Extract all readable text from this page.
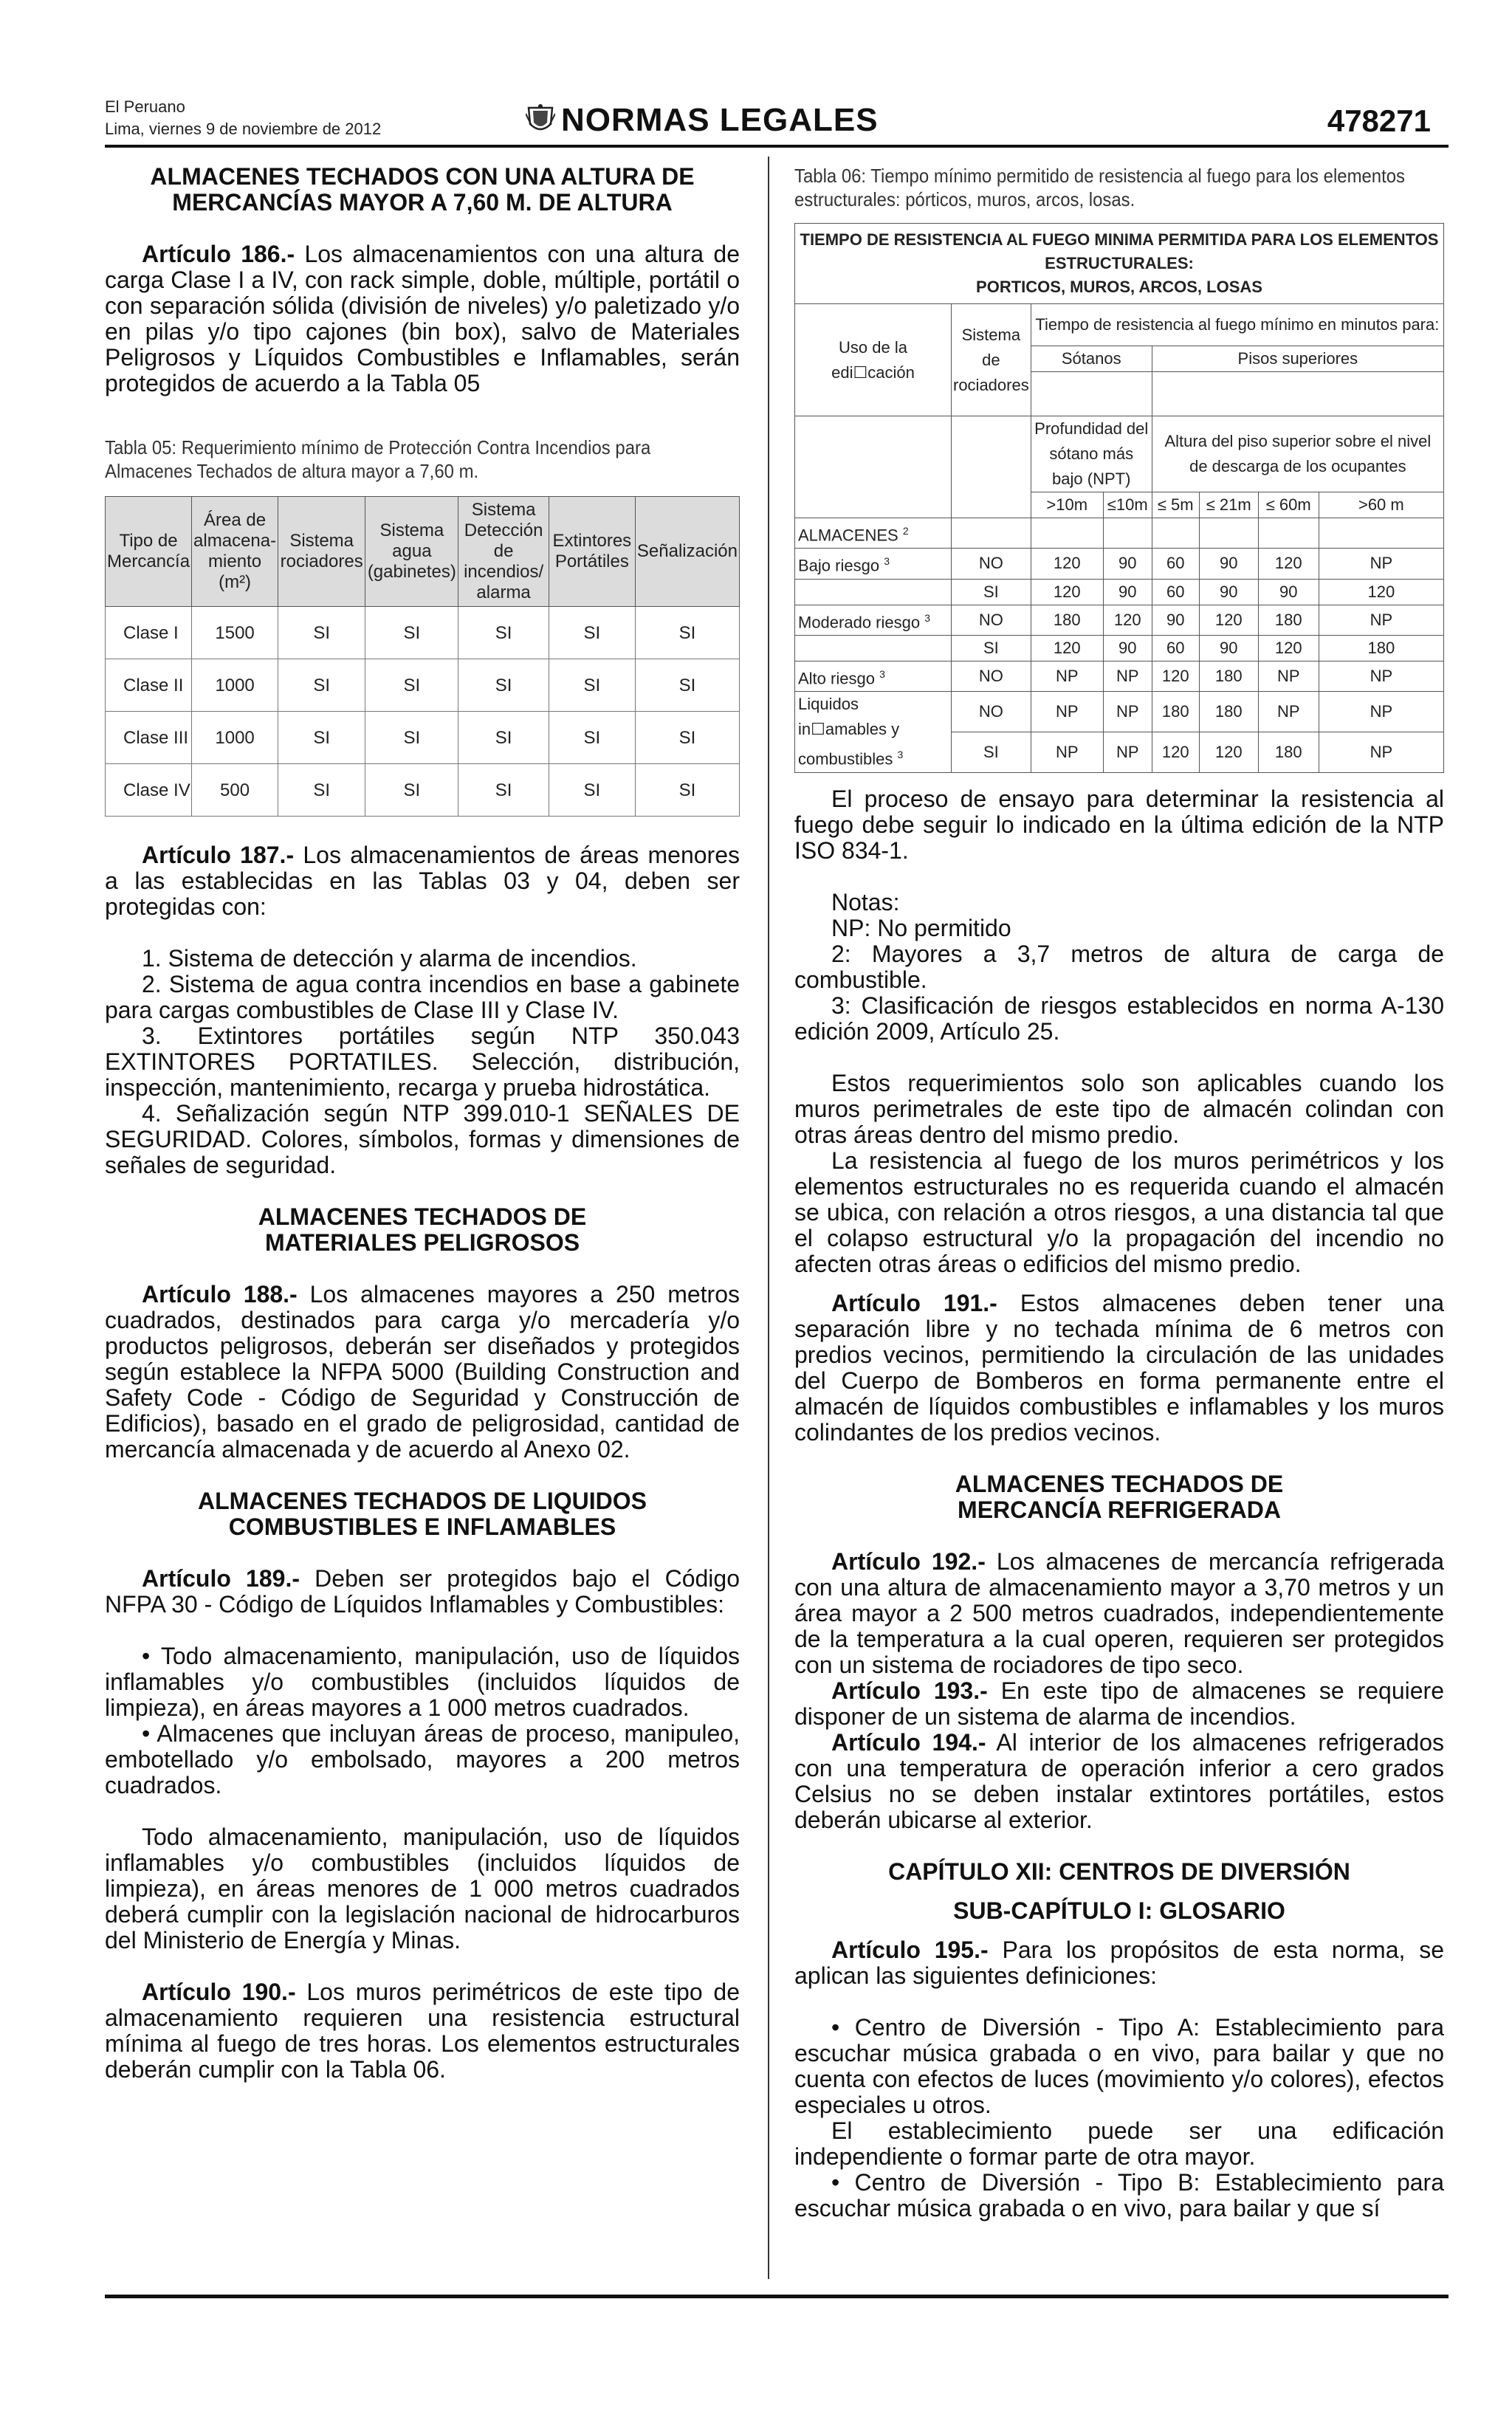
El Peruano
Lima, viernes 9 de noviembre de 2012	NORMAS LEGALES	478271

ALMACENES TECHADOS CON UNA ALTURA DE MERCANCÍAS MAYOR A 7,60 M. DE ALTURA

Artículo 186.- Los almacenamientos con una altura de carga Clase I a IV, con rack simple, doble, múltiple, portátil o con separación sólida (división de niveles) y/o paletizado y/o en pilas y/o tipo cajones (bin box), salvo de Materiales Peligrosos y Líquidos Combustibles e Inflamables, serán protegidos de acuerdo a la Tabla 05

Tabla 05: Requerimiento mínimo de Protección Contra Incendios para Almacenes Techados de altura mayor a 7,60 m.

Tipo de Mercancía	Área de almacena-miento (m²)	Sistema rociadores	Sistema agua (gabinetes)	Sistema Detección de incendios/ alarma	Extintores Portátiles	Señalización
Clase I	1500	SI	SI	SI	SI	SI
Clase II	1000	SI	SI	SI	SI	SI
Clase III	1000	SI	SI	SI	SI	SI
Clase IV	500	SI	SI	SI	SI	SI

Artículo 187.- Los almacenamientos de áreas menores a las establecidas en las Tablas 03 y 04, deben ser protegidas con:

1. Sistema de detección y alarma de incendios.

2. Sistema de agua contra incendios en base a gabinete para cargas combustibles de Clase III y Clase IV.

3. Extintores portátiles según NTP 350.043 EXTINTORES PORTATILES. Selección, distribución, inspección, mantenimiento, recarga y prueba hidrostática.

4. Señalización según NTP 399.010-1 SEÑALES DE SEGURIDAD. Colores, símbolos, formas y dimensiones de señales de seguridad.

ALMACENES TECHADOS DE MATERIALES PELIGROSOS

Artículo 188.- Los almacenes mayores a 250 metros cuadrados, destinados para carga y/o mercadería y/o productos peligrosos, deberán ser diseñados y protegidos según establece la NFPA 5000 (Building Construction and Safety Code - Código de Seguridad y Construcción de Edificios), basado en el grado de peligrosidad, cantidad de mercancía almacenada y de acuerdo al Anexo 02.

ALMACENES TECHADOS DE LIQUIDOS COMBUSTIBLES E INFLAMABLES

Artículo 189.- Deben ser protegidos bajo el Código NFPA 30 - Código de Líquidos Inflamables y Combustibles:

• Todo almacenamiento, manipulación, uso de líquidos inflamables y/o combustibles (incluidos líquidos de limpieza), en áreas mayores a 1 000 metros cuadrados.

• Almacenes que incluyan áreas de proceso, manipuleo, embotellado y/o embolsado, mayores a 200 metros cuadrados.

Todo almacenamiento, manipulación, uso de líquidos inflamables y/o combustibles (incluidos líquidos de limpieza), en áreas menores de 1 000 metros cuadrados deberá cumplir con la legislación nacional de hidrocarburos del Ministerio de Energía y Minas.

Artículo 190.- Los muros perimétricos de este tipo de almacenamiento requieren una resistencia estructural mínima al fuego de tres horas. Los elementos estructurales deberán cumplir con la Tabla 06.

Tabla 06: Tiempo mínimo permitido de resistencia al fuego para los elementos estructurales: pórticos, muros, arcos, losas.

TIEMPO DE RESISTENCIA AL FUEGO MINIMA PERMITIDA PARA LOS ELEMENTOS
ESTRUCTURALES:
PORTICOS, MUROS, ARCOS, LOSAS							

Uso de la edi☐cación	Sistema de rociadores	Tiempo de resistencia al fuego mínimo en minutos para:					
		Sótanos		Pisos superiores			

		Profundidad del sótano más bajo (NPT)		Altura del piso superior sobre el nivel de descarga de los ocupantes			
		>10m	≤10m	≤ 5m	≤ 21m	≤ 60m	>60 m
ALMACENES $^2$							
Bajo riesgo $^3$	NO	120	90	60	90	120	NP
	SI	120	90	60	90	90	120
Moderado riesgo $^3$	NO	180	120	90	120	180	NP
	SI	120	90	60	90	120	180
Alto riesgo $^3$	NO	NP	NP	120	180	NP	NP
Liquidos in☐amables y
combustibles $^3$	NO	NP	NP	180	180	NP	NP
	SI	NP	NP	120	120	180	NP

El proceso de ensayo para determinar la resistencia al fuego debe seguir lo indicado en la última edición de la NTP ISO 834-1.

Notas:

NP: No permitido

2: Mayores a 3,7 metros de altura de carga de combustible.

3: Clasificación de riesgos establecidos en norma A-130 edición 2009, Artículo 25.

Estos requerimientos solo son aplicables cuando los muros perimetrales de este tipo de almacén colindan con otras áreas dentro del mismo predio.

La resistencia al fuego de los muros perimétricos y los elementos estructurales no es requerida cuando el almacén se ubica, con relación a otros riesgos, a una distancia tal que el colapso estructural y/o la propagación del incendio no afecten otras áreas o edificios del mismo predio.

Artículo 191.- Estos almacenes deben tener una separación libre y no techada mínima de 6 metros con predios vecinos, permitiendo la circulación de las unidades del Cuerpo de Bomberos en forma permanente entre el almacén de líquidos combustibles e inflamables y los muros colindantes de los predios vecinos.

ALMACENES TECHADOS DE MERCANCÍA REFRIGERADA

Artículo 192.- Los almacenes de mercancía refrigerada con una altura de almacenamiento mayor a 3,70 metros y un área mayor a 2 500 metros cuadrados, independientemente de la temperatura a la cual operen, requieren ser protegidos con un sistema de rociadores de tipo seco.

Artículo 193.- En este tipo de almacenes se requiere disponer de un sistema de alarma de incendios.

Artículo 194.- Al interior de los almacenes refrigerados con una temperatura de operación inferior a cero grados Celsius no se deben instalar extintores portátiles, estos deberán ubicarse al exterior.

CAPÍTULO XII: CENTROS DE DIVERSIÓN

SUB-CAPÍTULO I: GLOSARIO

Artículo 195.- Para los propósitos de esta norma, se aplican las siguientes definiciones:

• Centro de Diversión - Tipo A: Establecimiento para escuchar música grabada o en vivo, para bailar y que no cuenta con efectos de luces (movimiento y/o colores), efectos especiales u otros.

El establecimiento puede ser una edificación independiente o formar parte de otra mayor.

• Centro de Diversión - Tipo B: Establecimiento para escuchar música grabada o en vivo, para bailar y que sí
